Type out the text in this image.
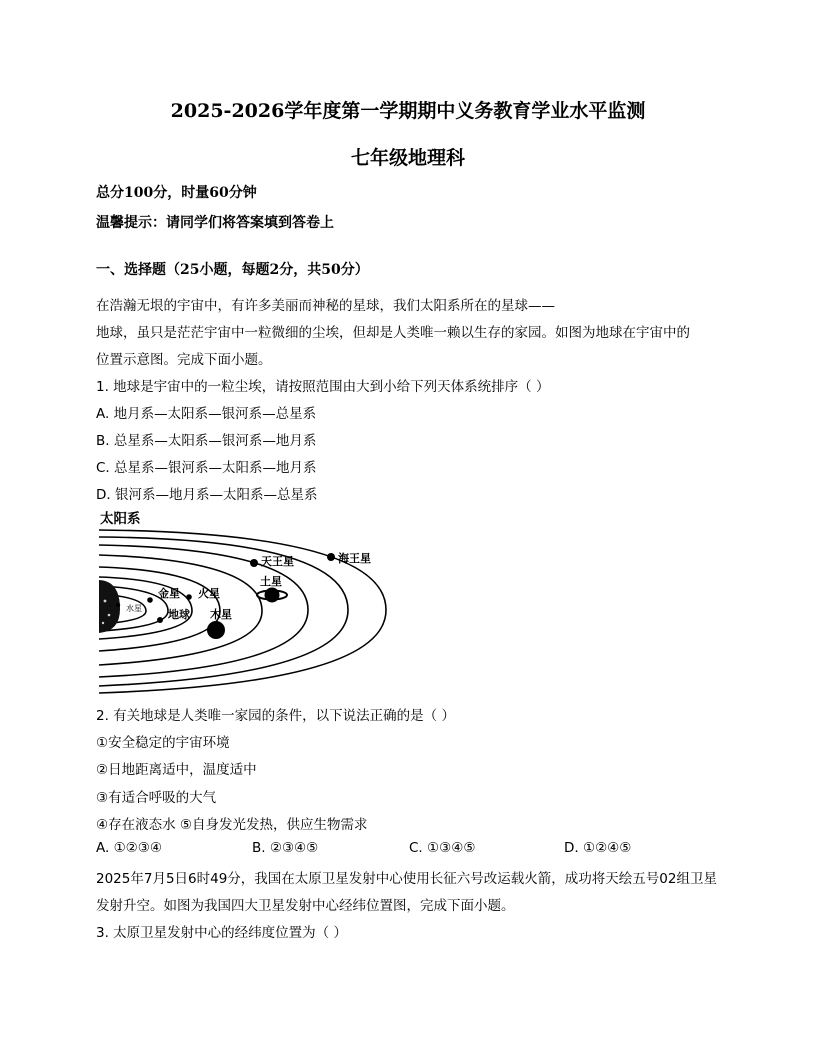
2025-2026学年度第一学期期中义务教育学业水平监测
七年级地理科
总分100分，时量60分钟
温馨提示：请同学们将答案填到答卷上
一、选择题（25小题，每题2分，共50分）
在浩瀚无垠的宇宙中，有许多美丽而神秘的星球，我们太阳系所在的星球——
地球，虽只是茫茫宇宙中一粒微细的尘埃，但却是人类唯一赖以生存的家园。如图为地球在宇宙中的
位置示意图。完成下面小题。
1. 地球是宇宙中的一粒尘埃，请按照范围由大到小给下列天体系统排序（ ）
A. 地月系—太阳系—银河系—总星系
B. 总星系—太阳系—银河系—地月系
C. 总星系—银河系—太阳系—地月系
D. 银河系—地月系—太阳系—总星系
太阳系
海王星
天王星
土星
木星
火星
金星
地球
水星
2. 有关地球是人类唯一家园的条件，以下说法正确的是（ ）
①安全稳定的宇宙环境
②日地距离适中，温度适中
③有适合呼吸的大气
④存在液态水 ⑤自身发光发热，供应生物需求
A. ①②③④	B. ②③④⑤	C. ①③④⑤	D. ①②④⑤
2025年7月5日6时49分，我国在太原卫星发射中心使用长征六号改运载火箭，成功将天绘五号02组卫星
发射升空。如图为我国四大卫星发射中心经纬位置图，完成下面小题。
3. 太原卫星发射中心的经纬度位置为（ ）
